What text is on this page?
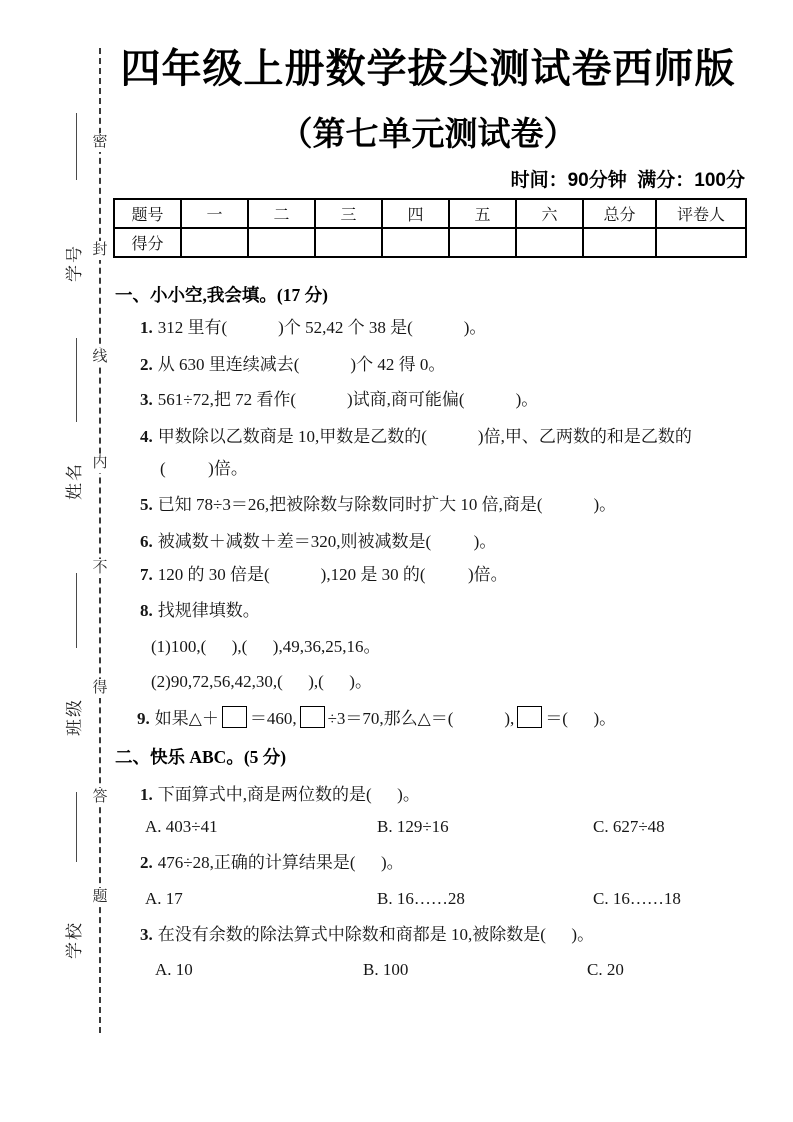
密
封
线
内
不
得
答
题
学号
姓名
班级
学校
四年级上册数学拔尖测试卷西师版
（第七单元测试卷）
时间：90分钟  满分：100分
题号	一	二	三	四	五	六	总分	评卷人
得分								
一、小小空,我会填。(17 分)
1. 312 里有(            )个 52,42 个 38 是(            )。
2. 从 630 里连续减去(            )个 42 得 0。
3. 561÷72,把 72 看作(            )试商,商可能偏(            )。
4. 甲数除以乙数商是 10,甲数是乙数的(            )倍,甲、乙两数的和是乙数的
(          )倍。
5. 已知 78÷3＝26,把被除数与除数同时扩大 10 倍,商是(            )。
6. 被减数＋减数＋差＝320,则被减数是(          )。
7. 120 的 30 倍是(            ),120 是 30 的(          )倍。
8. 找规律填数。
(1)100,(      ),(      ),49,36,25,16。
(2)90,72,56,42,30,(      ),(      )。
9. 如果△＋ ＝460, ÷3＝70,那么△＝(            ), ＝(      )。
二、快乐 ABC。(5 分)
1. 下面算式中,商是两位数的是(      )。
A. 403÷41	B. 129÷16	C. 627÷48
2. 476÷28,正确的计算结果是(      )。
A. 17	B. 16……28	C. 16……18
3. 在没有余数的除法算式中除数和商都是 10,被除数是(      )。
A. 10	B. 100	C. 20
